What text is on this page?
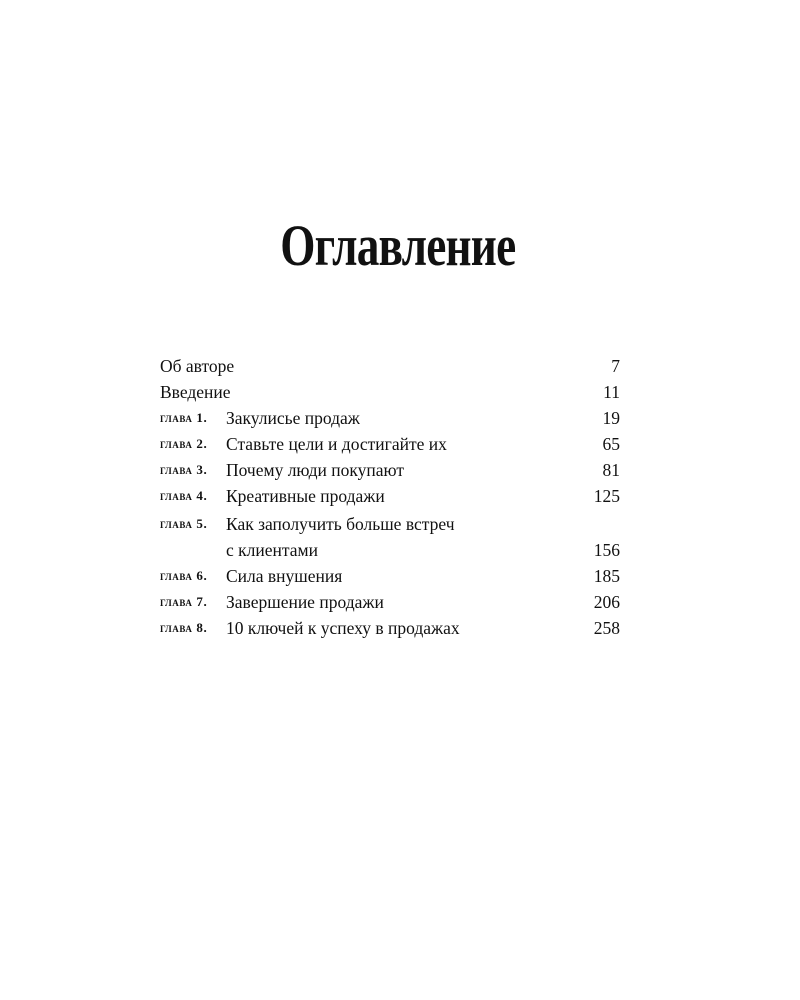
Оглавление
Об авторе	7
Введение	11
глава 1.	Закулисье продаж	19
глава 2.	Ставьте цели и достигайте их	65
глава 3.	Почему люди покупают	81
глава 4.	Креативные продажи	125
глава 5.	Как заполучить больше встреч
с клиентами	156
глава 6.	Сила внушения	185
глава 7.	Завершение продажи	206
глава 8.	10 ключей к успеху в продажах	258
